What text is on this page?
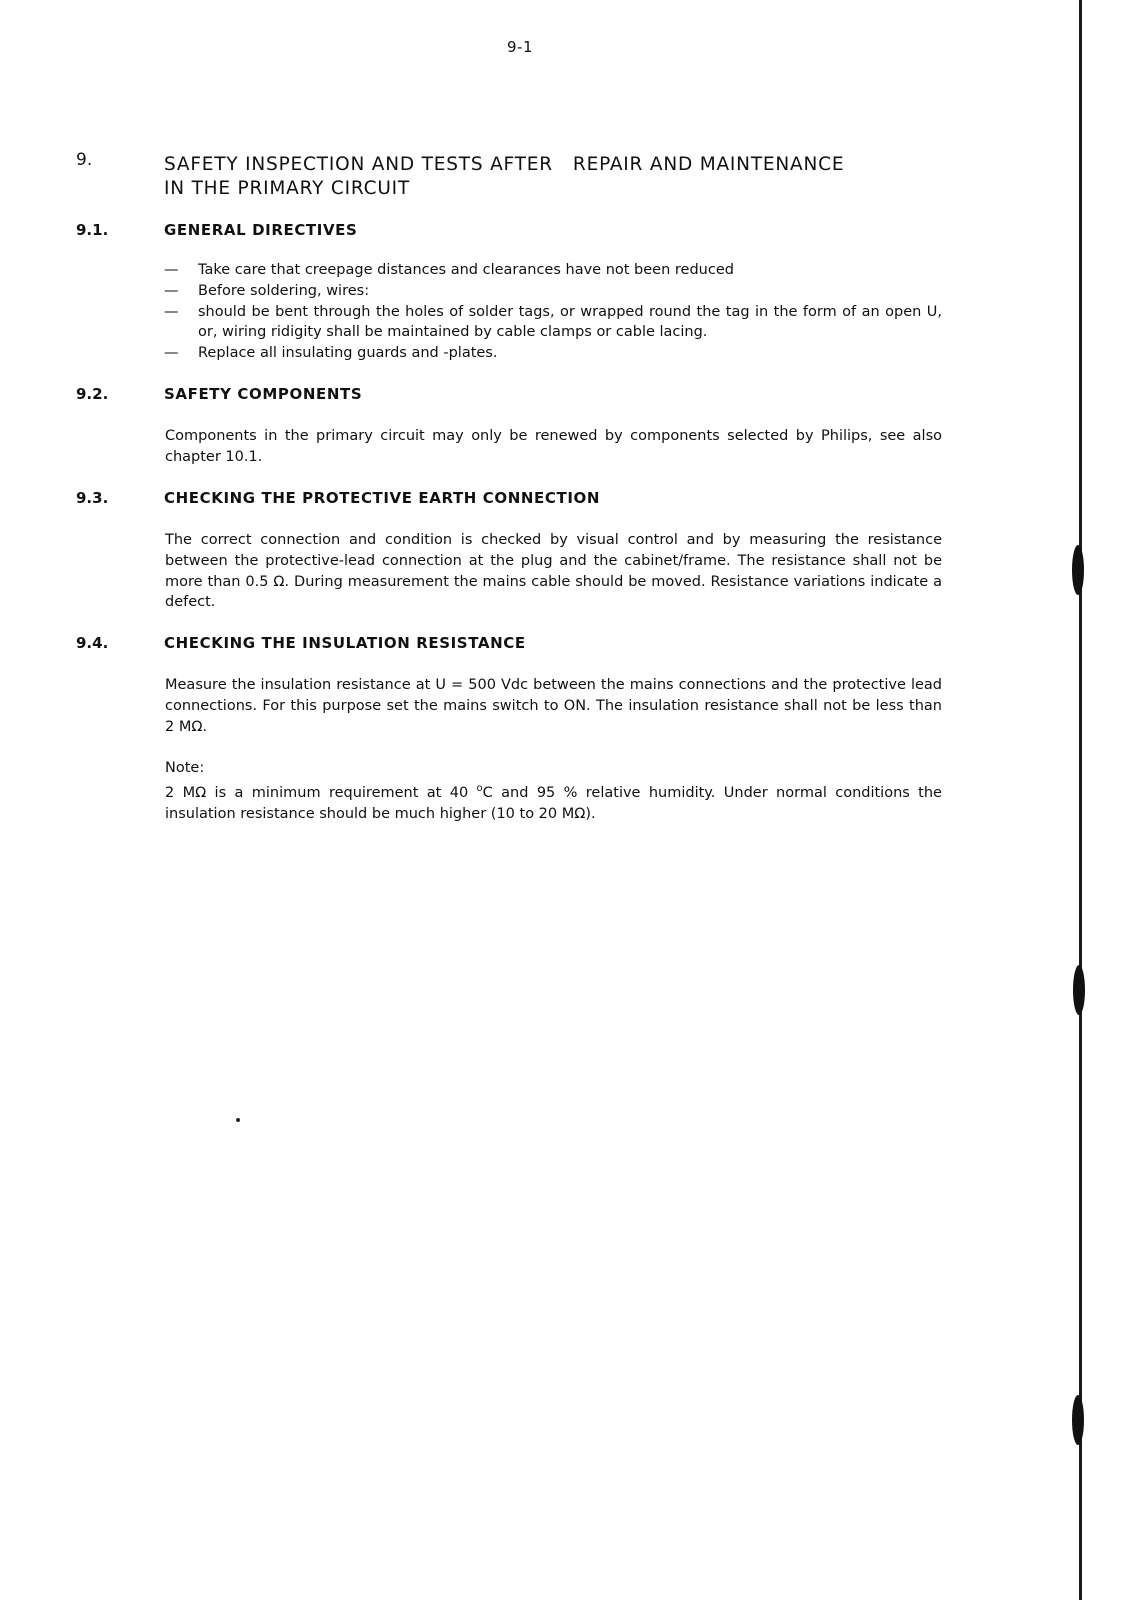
9-1
9.	SAFETY INSPECTION AND TESTS AFTER   REPAIR AND MAINTENANCE
IN THE PRIMARY CIRCUIT
9.1.	GENERAL DIRECTIVES
— Take care that creepage distances and clearances have not been reduced
— Before soldering, wires:
— should be bent through the holes of solder tags, or wrapped round the tag in the form of an open U, or, wiring ridigity shall be maintained by cable clamps or cable lacing.
— Replace all insulating guards and -plates.
9.2.	SAFETY COMPONENTS

Components in the primary circuit may only be renewed by components selected by Philips, see also chapter 10.1.

9.3.	CHECKING THE PROTECTIVE EARTH CONNECTION

The correct connection and condition is checked by visual control and by measuring the resistance between the protective-lead connection at the plug and the cabinet/frame. The resistance shall not be more than 0.5 Ω. During measurement the mains cable should be moved. Resistance variations indicate a defect.

9.4.	CHECKING THE INSULATION RESISTANCE

Measure the insulation resistance at U = 500 Vdc between the mains connections and the protective lead connections. For this purpose set the mains switch to ON. The insulation resistance shall not be less than 2 MΩ.

Note:

2 MΩ is a minimum requirement at 40 $^o$C and 95 % relative humidity. Under normal conditions the insulation resistance should be much higher (10 to 20 MΩ).
